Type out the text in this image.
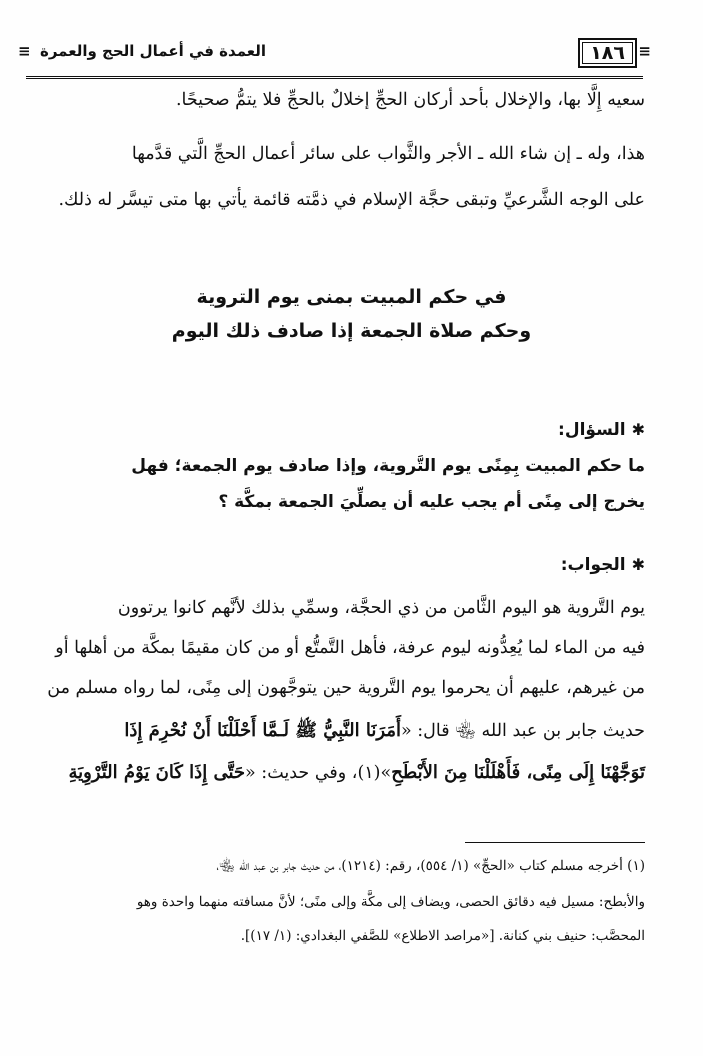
≡
١٨٦
العمدة في أعمال الحج والعمرة
≡
سعيه إِلَّا بها، والإخلال بأحد أركان الحجِّ إخلالٌ بالحجِّ فلا يتمُّ صحيحًا.
هذا، وله ـ إن شاء الله ـ الأجر والثَّواب على سائر أعمال الحجِّ الَّتي قدَّمها
على الوجه الشَّرعيِّ وتبقى حجَّة الإسلام في ذمَّته قائمة يأتي بها متى تيسَّر له ذلك.
في حكم المبيت بمنى يوم التروية
وحكم صلاة الجمعة إذا صادف ذلك اليوم
✱السؤال:
ما حكم المبيت بِمِنًى يوم التَّروية، وإذا صادف يوم الجمعة؛ فهل
يخرج إلى مِنًى أم يجب عليه أن يصلِّيَ الجمعة بمكَّة ؟
✱الجواب:
يوم التَّروية هو اليوم الثَّامن من ذي الحجَّة، وسمِّي بذلك لأنَّهم كانوا يرتوون
فيه من الماء لما يُعِدُّونه ليوم عرفة، فأهل التَّمتُّع أو من كان مقيمًا بمكَّة من أهلها أو
من غيرهم، عليهم أن يحرموا يوم التَّروية حين يتوجَّهون إلى مِنًى، لما رواه مسلم من
حديث جابر بن عبد الله ﵄ قال: «أَمَرَنَا النَّبِيُّ ﷺ لَـمَّا أَحْلَلْنَا أَنْ نُحْرِمَ إِذَا
تَوَجَّهْنَا إِلَى مِنًى، فَأَهْلَلْنَا مِنَ الأَبْطَحِ»(١)، وفي حديث: «حَتَّى إِذَا كَانَ يَوْمُ التَّرْوِيَةِ
(١) أخرجه مسلم كتاب «الحجِّ» (١/ ٥٥٤)، رقم: (١٢١٤)، من حديث جابر بن عبد الله ﵄،
والأبطح: مسيل فيه دقائق الحصى، ويضاف إلى مكَّة وإلى منًى؛ لأنَّ مسافته منهما واحدة وهو
المحصَّب: حنيف بني كنانة. [«مراصد الاطلاع» للصَّفي البغدادي: (١/ ١٧)].
